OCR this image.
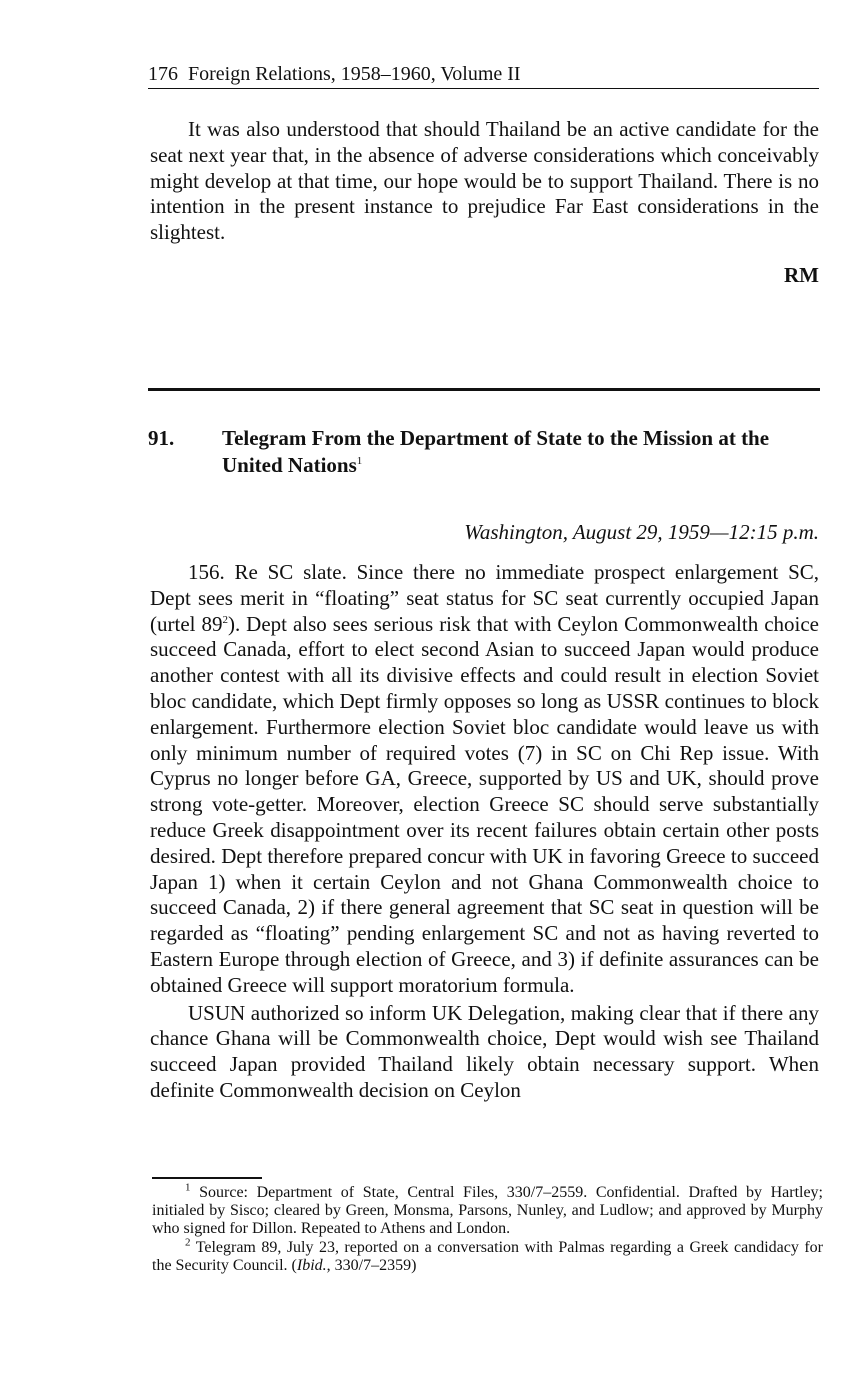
176 Foreign Relations, 1958–1960, Volume II

It was also understood that should Thailand be an active candidate for the seat next year that, in the absence of adverse considerations which conceivably might develop at that time, our hope would be to support Thailand. There is no intention in the present instance to prejudice Far East considerations in the slightest.

RM
91. Telegram From the Department of State to the Mission at the United Nations$^1$
Washington, August 29, 1959—12:15 p.m.

156. Re SC slate. Since there no immediate prospect enlargement SC, Dept sees merit in “floating” seat status for SC seat currently occupied Japan (urtel $89^2$). Dept also sees serious risk that with Ceylon Commonwealth choice succeed Canada, effort to elect second Asian to succeed Japan would produce another contest with all its divisive effects and could result in election Soviet bloc candidate, which Dept firmly opposes so long as USSR continues to block enlargement. Furthermore election Soviet bloc candidate would leave us with only minimum number of required votes (7) in SC on Chi Rep issue. With Cyprus no longer before GA, Greece, supported by US and UK, should prove strong vote-getter. Moreover, election Greece SC should serve substantially reduce Greek disappointment over its recent failures obtain certain other posts desired. Dept therefore prepared concur with UK in favoring Greece to succeed Japan 1) when it certain Ceylon and not Ghana Commonwealth choice to succeed Canada, 2) if there general agreement that SC seat in question will be regarded as “floating” pending enlargement SC and not as having reverted to Eastern Europe through election of Greece, and 3) if definite assurances can be obtained Greece will support moratorium formula.

USUN authorized so inform UK Delegation, making clear that if there any chance Ghana will be Commonwealth choice, Dept would wish see Thailand succeed Japan provided Thailand likely obtain necessary support. When definite Commonwealth decision on Ceylon

$^1$ Source: Department of State, Central Files, 330/7–2559. Confidential. Drafted by Hartley; initialed by Sisco; cleared by Green, Monsma, Parsons, Nunley, and Ludlow; and approved by Murphy who signed for Dillon. Repeated to Athens and London.

$^2$ Telegram 89, July 23, reported on a conversation with Palmas regarding a Greek candidacy for the Security Council. (Ibid., 330/7–2359)
